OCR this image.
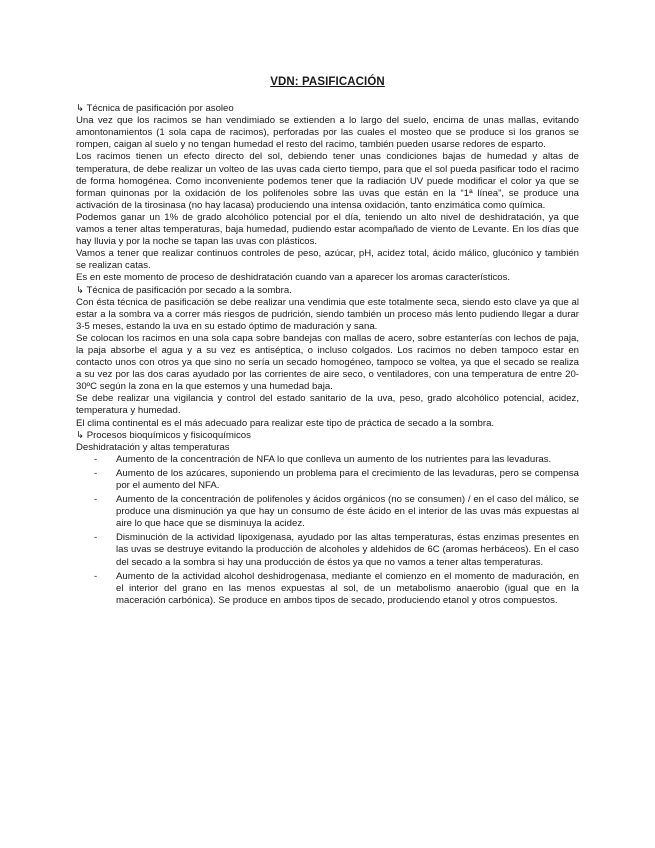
VDN: PASIFICACIÓN

↳ Técnica de pasificación por asoleo

Una vez que los racimos se han vendimiado se extienden a lo largo del suelo, encima de unas mallas, evitando amontonamientos (1 sola capa de racimos), perforadas por las cuales el mosteo que se produce si los granos se rompen, caigan al suelo y no tengan humedad el resto del racimo, también pueden usarse redores de esparto.

Los racimos tienen un efecto directo del sol, debiendo tener unas condiciones bajas de humedad y altas de temperatura, de debe realizar un volteo de las uvas cada cierto tiempo, para que el sol pueda pasificar todo el racimo de forma homogénea. Como inconveniente podemos tener que la radiación UV puede modificar el color ya que se forman quinonas por la oxidación de los polifenoles sobre las uvas que están en la “1ª línea”, se produce una activación de la tirosinasa (no hay lacasa) produciendo una intensa oxidación, tanto enzimática como química.

Podemos ganar un 1% de grado alcohólico potencial por el día, teniendo un alto nivel de deshidratación, ya que vamos a tener altas temperaturas, baja humedad, pudiendo estar acompañado de viento de Levante. En los días que hay lluvia y por la noche se tapan las uvas con plásticos.

Vamos a tener que realizar continuos controles de peso, azúcar, pH, acidez total, ácido málico, glucónico y también se realizan catas.

Es en este momento de proceso de deshidratación cuando van a aparecer los aromas característicos.

↳ Técnica de pasificación por secado a la sombra.

Con ésta técnica de pasificación se debe realizar una vendimia que este totalmente seca, siendo esto clave ya que al estar a la sombra va a correr más riesgos de pudrición, siendo también un proceso más lento pudiendo llegar a durar 3-5 meses, estando la uva en su estado óptimo de maduración y sana.

Se colocan los racimos en una sola capa sobre bandejas con mallas de acero, sobre estanterías con lechos de paja, la paja absorbe el agua y a su vez es antiséptica, o incluso colgados. Los racimos no deben tampoco estar en contacto unos con otros ya que sino no sería un secado homogéneo, tampoco se voltea, ya que el secado se realiza a su vez por las dos caras ayudado por las corrientes de aire seco, o ventiladores, con una temperatura de entre 20-30ºC según la zona en la que estemos y una humedad baja.

Se debe realizar una vigilancia y control del estado sanitario de la uva, peso, grado alcohólico potencial, acidez, temperatura y humedad.

El clima continental es el más adecuado para realizar este tipo de práctica de secado a la sombra.

↳ Procesos bioquímicos y fisicoquímicos

Deshidratación y altas temperaturas

- Aumento de la concentración de NFA lo que conlleva un aumento de los nutrientes para las levaduras.
- Aumento de los azúcares, suponiendo un problema para el crecimiento de las levaduras, pero se compensa por el aumento del NFA.
- Aumento de la concentración de polifenoles y ácidos orgánicos (no se consumen) / en el caso del málico, se produce una disminución ya que hay un consumo de éste ácido en el interior de las uvas más expuestas al aire lo que hace que se disminuya la acidez.
- Disminución de la actividad lipoxigenasa, ayudado por las altas temperaturas, éstas enzimas presentes en las uvas se destruye evitando la producción de alcoholes y aldehidos de 6C (aromas herbáceos). En el caso del secado a la sombra si hay una producción de éstos ya que no vamos a tener altas temperaturas.
- Aumento de la actividad alcohol deshidrogenasa, mediante el comienzo en el momento de maduración, en el interior del grano en las menos expuestas al sol, de un metabolismo anaerobio (igual que en la maceración carbónica). Se produce en ambos tipos de secado, produciendo etanol y otros compuestos.
